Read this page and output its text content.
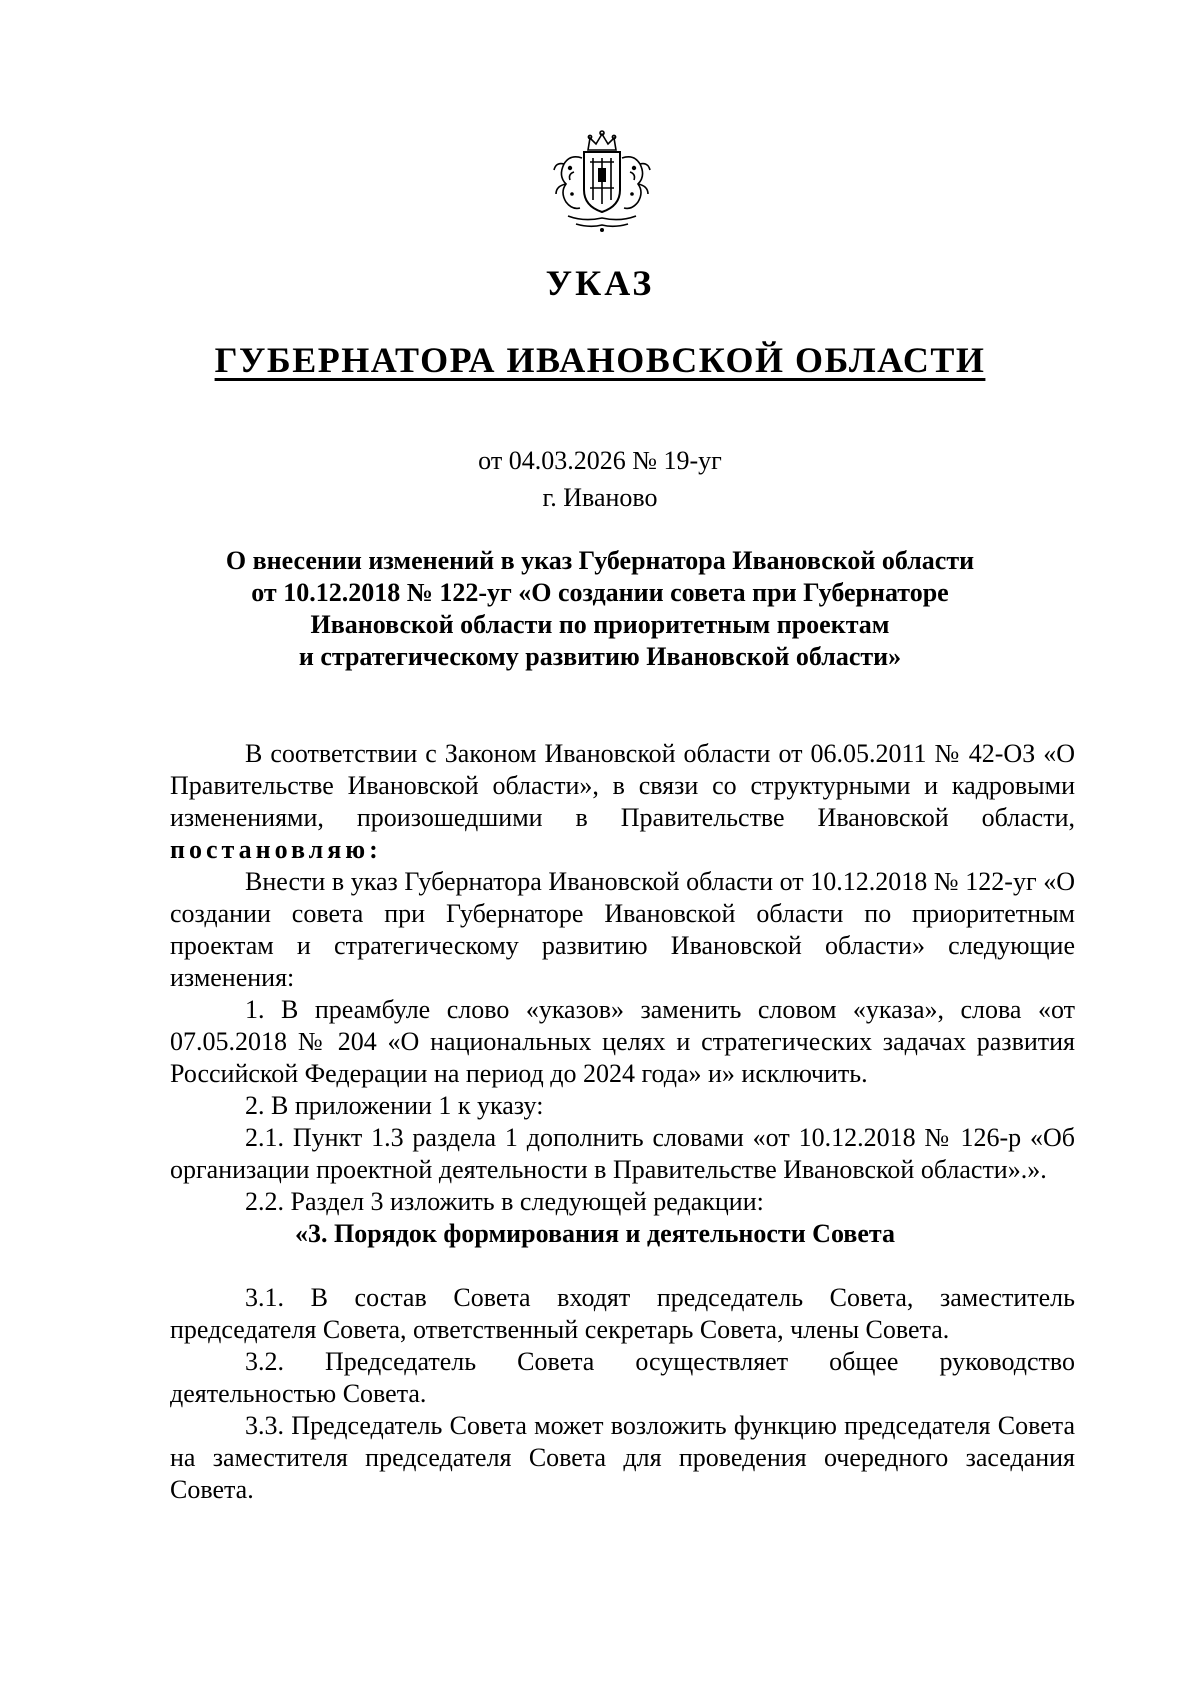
УКАЗ
ГУБЕРНАТОРА ИВАНОВСКОЙ ОБЛАСТИ
от 04.03.2026 № 19-уг
г. Иваново
О внесении изменений в указ Губернатора Ивановской области
от 10.12.2018 № 122-уг «О создании совета при Губернаторе
Ивановской области по приоритетным проектам
и стратегическому развитию Ивановской области»

В соответствии с Законом Ивановской области от 06.05.2011 № 42-ОЗ «О Правительстве Ивановской области», в связи со структурными и кадровыми изменениями, произошедшими в Правительстве Ивановской области, постановляю:

Внести в указ Губернатора Ивановской области от 10.12.2018 № 122-уг «О создании совета при Губернаторе Ивановской области по приоритетным проектам и стратегическому развитию Ивановской области» следующие изменения:

1. В преамбуле слово «указов» заменить словом «указа», слова «от 07.05.2018 № 204 «О национальных целях и стратегических задачах развития Российской Федерации на период до 2024 года» и» исключить.

2. В приложении 1 к указу:

2.1. Пункт 1.3 раздела 1 дополнить словами «от 10.12.2018 № 126-р «Об организации проектной деятельности в Правительстве Ивановской области».».

2.2. Раздел 3 изложить в следующей редакции:

«3. Порядок формирования и деятельности Совета

3.1. В состав Совета входят председатель Совета, заместитель председателя Совета, ответственный секретарь Совета, члены Совета.

3.2. Председатель Совета осуществляет общее руководство деятельностью Совета.

3.3. Председатель Совета может возложить функцию председателя Совета на заместителя председателя Совета для проведения очередного заседания Совета.
